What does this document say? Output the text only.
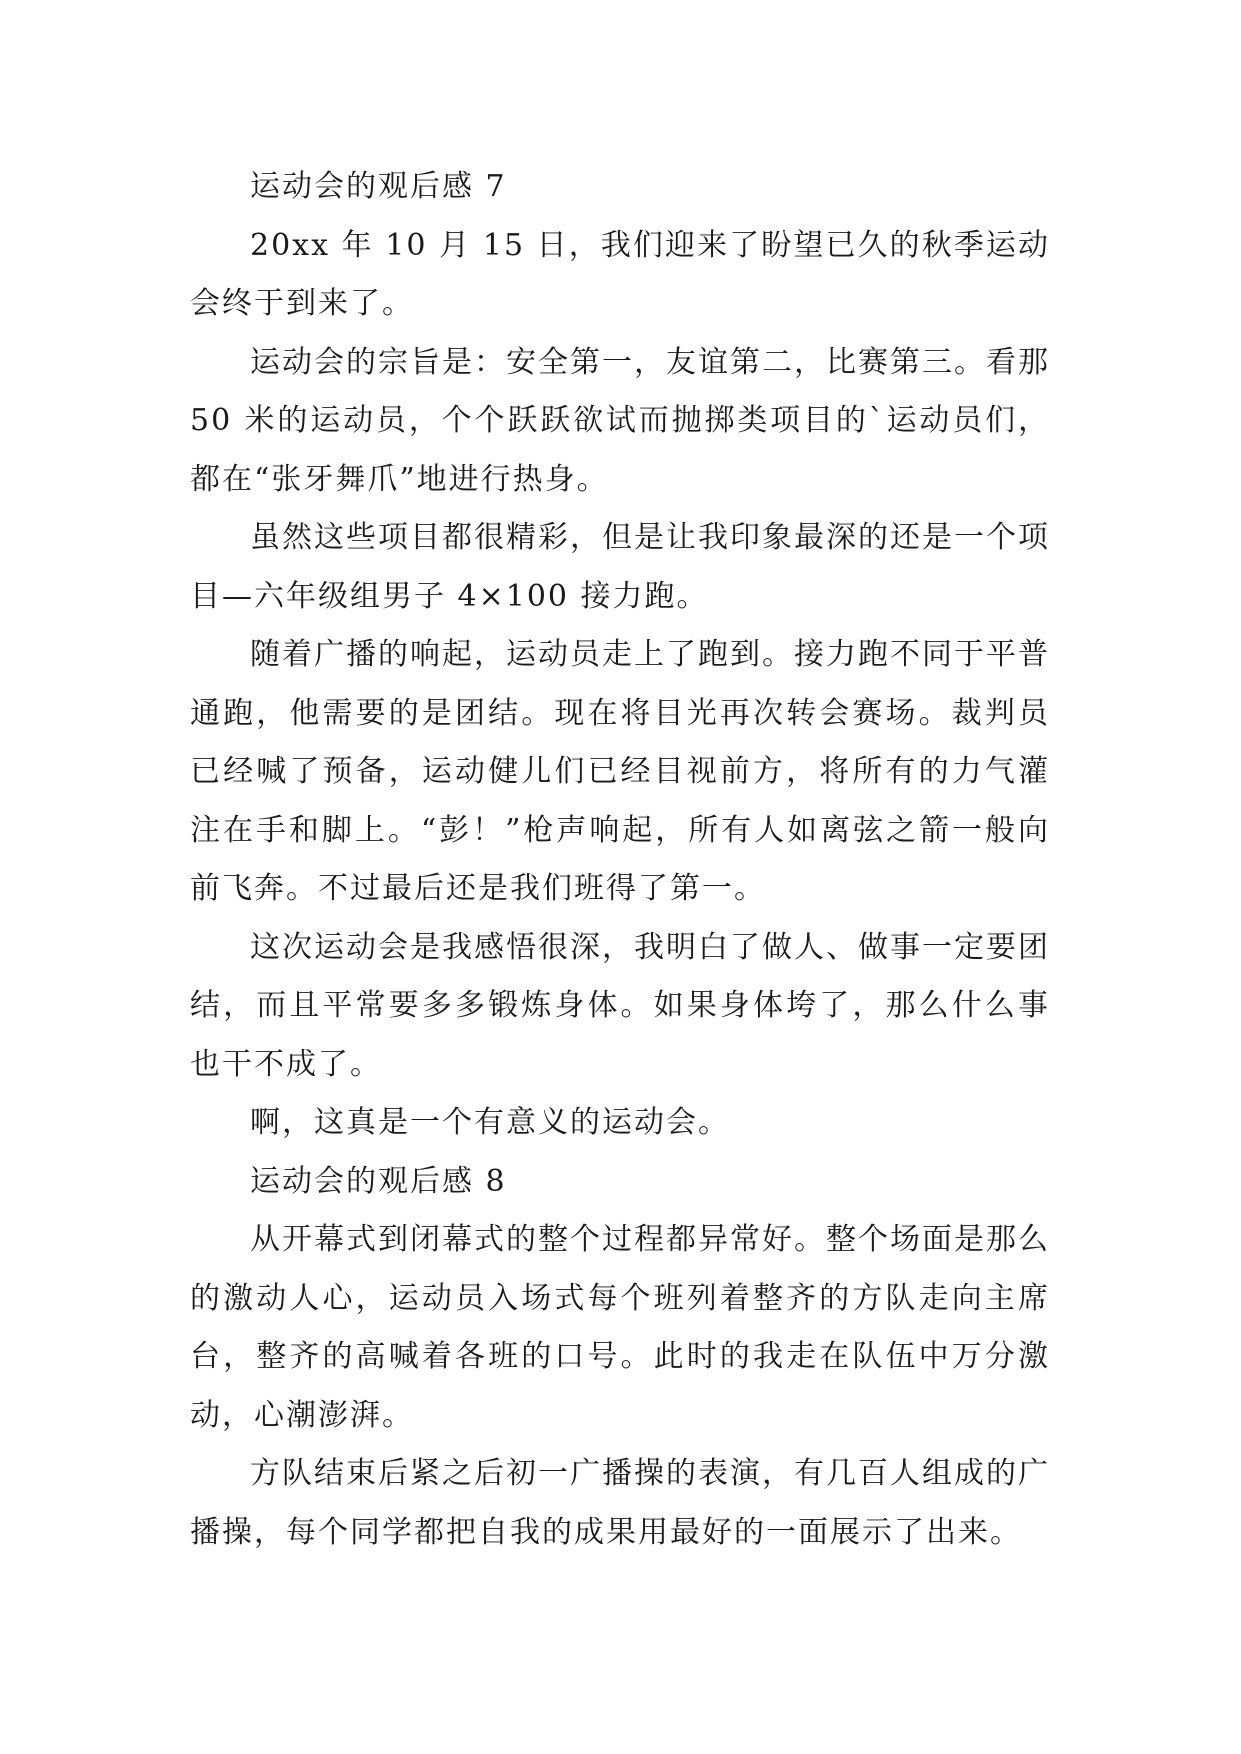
运动会的观后感 7

20xx 年 10 月 15 日，我们迎来了盼望已久的秋季运动会终于到来了。

运动会的宗旨是：安全第一，友谊第二，比赛第三。看那 50 米的运动员，个个跃跃欲试而抛掷类项目的`运动员们，都在“张牙舞爪”地进行热身。

虽然这些项目都很精彩，但是让我印象最深的还是一个项目—六年级组男子 4×100 接力跑。

随着广播的响起，运动员走上了跑到。接力跑不同于平普通跑，他需要的是团结。现在将目光再次转会赛场。裁判员已经喊了预备，运动健儿们已经目视前方，将所有的力气灌注在手和脚上。“彭！”枪声响起，所有人如离弦之箭一般向前飞奔。不过最后还是我们班得了第一。

这次运动会是我感悟很深，我明白了做人、做事一定要团结，而且平常要多多锻炼身体。如果身体垮了，那么什么事也干不成了。

啊，这真是一个有意义的运动会。

运动会的观后感 8

从开幕式到闭幕式的整个过程都异常好。整个场面是那么的激动人心，运动员入场式每个班列着整齐的方队走向主席台，整齐的高喊着各班的口号。此时的我走在队伍中万分激动，心潮澎湃。

方队结束后紧之后初一广播操的表演，有几百人组成的广播操，每个同学都把自我的成果用最好的一面展示了出来。
